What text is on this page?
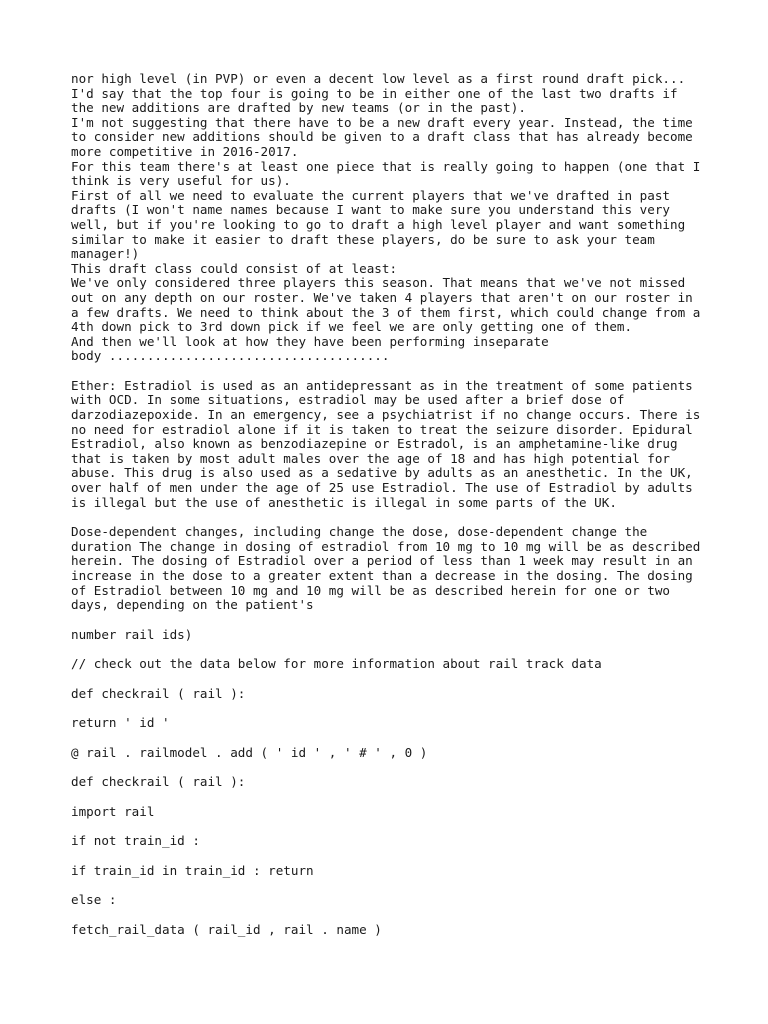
nor high level (in PVP) or even a decent low level as a first round draft pick...
I'd say that the top four is going to be in either one of the last two drafts if
the new additions are drafted by new teams (or in the past).
I'm not suggesting that there have to be a new draft every year. Instead, the time
to consider new additions should be given to a draft class that has already become
more competitive in 2016-2017.
For this team there's at least one piece that is really going to happen (one that I
think is very useful for us).
First of all we need to evaluate the current players that we've drafted in past
drafts (I won't name names because I want to make sure you understand this very
well, but if you're looking to go to draft a high level player and want something
similar to make it easier to draft these players, do be sure to ask your team
manager!)
This draft class could consist of at least:
We've only considered three players this season. That means that we've not missed
out on any depth on our roster. We've taken 4 players that aren't on our roster in
a few drafts. We need to think about the 3 of them first, which could change from a
4th down pick to 3rd down pick if we feel we are only getting one of them.
And then we'll look at how they have been performing inseparate
body .....................................
Ether: Estradiol is used as an antidepressant as in the treatment of some patients
with OCD. In some situations, estradiol may be used after a brief dose of
darzodiazepoxide. In an emergency, see a psychiatrist if no change occurs. There is
no need for estradiol alone if it is taken to treat the seizure disorder. Epidural
Estradiol, also known as benzodiazepine or Estradol, is an amphetamine-like drug
that is taken by most adult males over the age of 18 and has high potential for
abuse. This drug is also used as a sedative by adults as an anesthetic. In the UK,
over half of men under the age of 25 use Estradiol. The use of Estradiol by adults
is illegal but the use of anesthetic is illegal in some parts of the UK.
Dose-dependent changes, including change the dose, dose-dependent change the
duration The change in dosing of estradiol from 10 mg to 10 mg will be as described
herein. The dosing of Estradiol over a period of less than 1 week may result in an
increase in the dose to a greater extent than a decrease in the dosing. The dosing
of Estradiol between 10 mg and 10 mg will be as described herein for one or two
days, depending on the patient's
number rail ids)
// check out the data below for more information about rail track data
def checkrail ( rail ):
return ' id '
@ rail . railmodel . add ( ' id ' , ' # ' , 0 )
def checkrail ( rail ):
import rail
if not train_id :
if train_id in train_id : return
else :
fetch_rail_data ( rail_id , rail . name )
